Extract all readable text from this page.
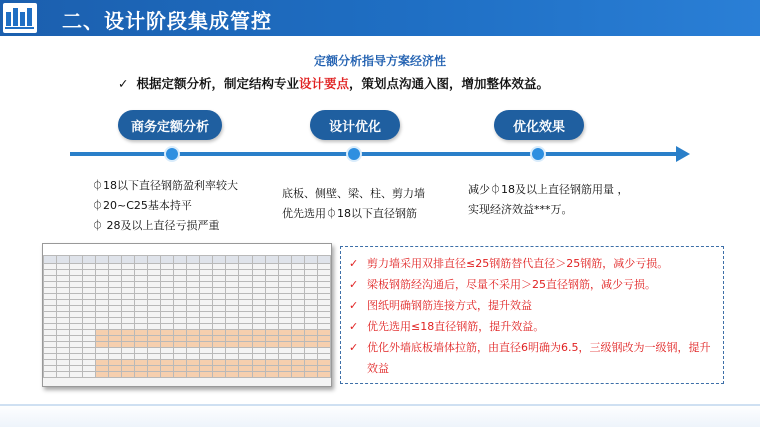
二、设计阶段集成管控
定额分析指导方案经济性
✓ 根据定额分析，制定结构专业设计要点，策划点沟通入图，增加整体效益。
商务定额分析	设计优化	优化效果
⏀18以下直径钢筋盈利率较大
⏀20~C25基本持平
⏀ 28及以上直径亏损严重
底板、侧壁、梁、柱、剪力墙
优先选用⏀18以下直径钢筋
减少⏀18及以上直径钢筋用量 ，
实现经济效益***万。

✓ 剪力墙采用双排直径≤25钢筋替代直径＞25钢筋，减少亏损。
✓ 梁板钢筋经沟通后，尽量不采用＞25直径钢筋，减少亏损。
✓ 图纸明确钢筋连接方式，提升效益
✓ 优先选用≤18直径钢筋，提升效益。
✓ 优化外墙底板墙体拉筋，由直径6明确为6.5，三级钢改为一级钢，提升效益
